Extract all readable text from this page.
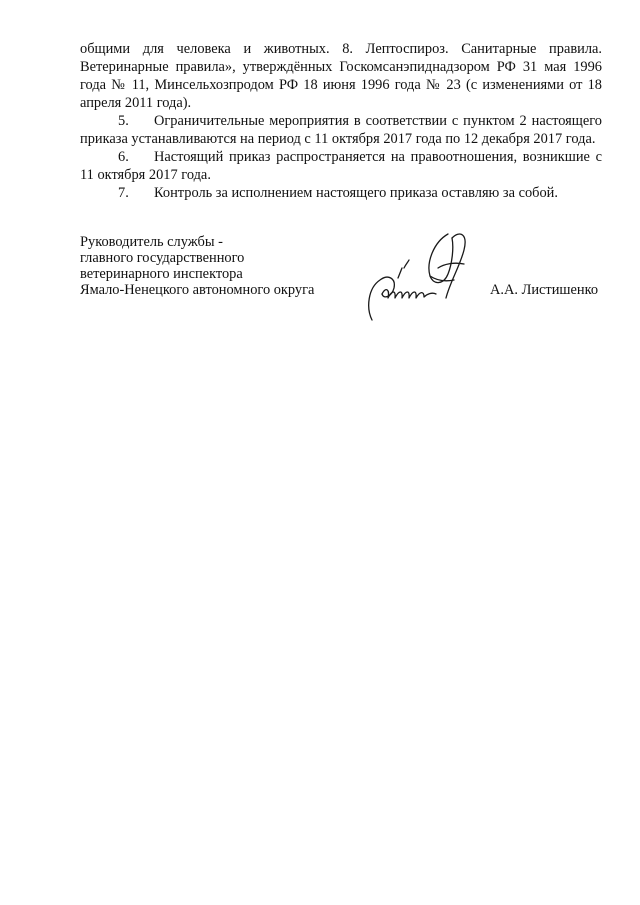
общими для человека и животных. 8. Лептоспироз. Санитарные правила. Ветеринарные правила», утверждённых Госкомсанэпиднадзором РФ 31 мая 1996 года № 11, Минсельхозпродом РФ 18 июня 1996 года № 23 (с изменениями от 18 апреля 2011 года).

5. Ограничительные мероприятия в соответствии с пунктом 2 настоящего приказа устанавливаются на период с 11 октября 2017 года по 12 декабря 2017 года.

6. Настоящий приказ распространяется на правоотношения, возникшие с 11 октября 2017 года.

7. Контроль за исполнением настоящего приказа оставляю за собой.

Руководитель службы -
главного государственного
ветеринарного инспектора
Ямало-Ненецкого автономного округа	А.А. Листишенко
